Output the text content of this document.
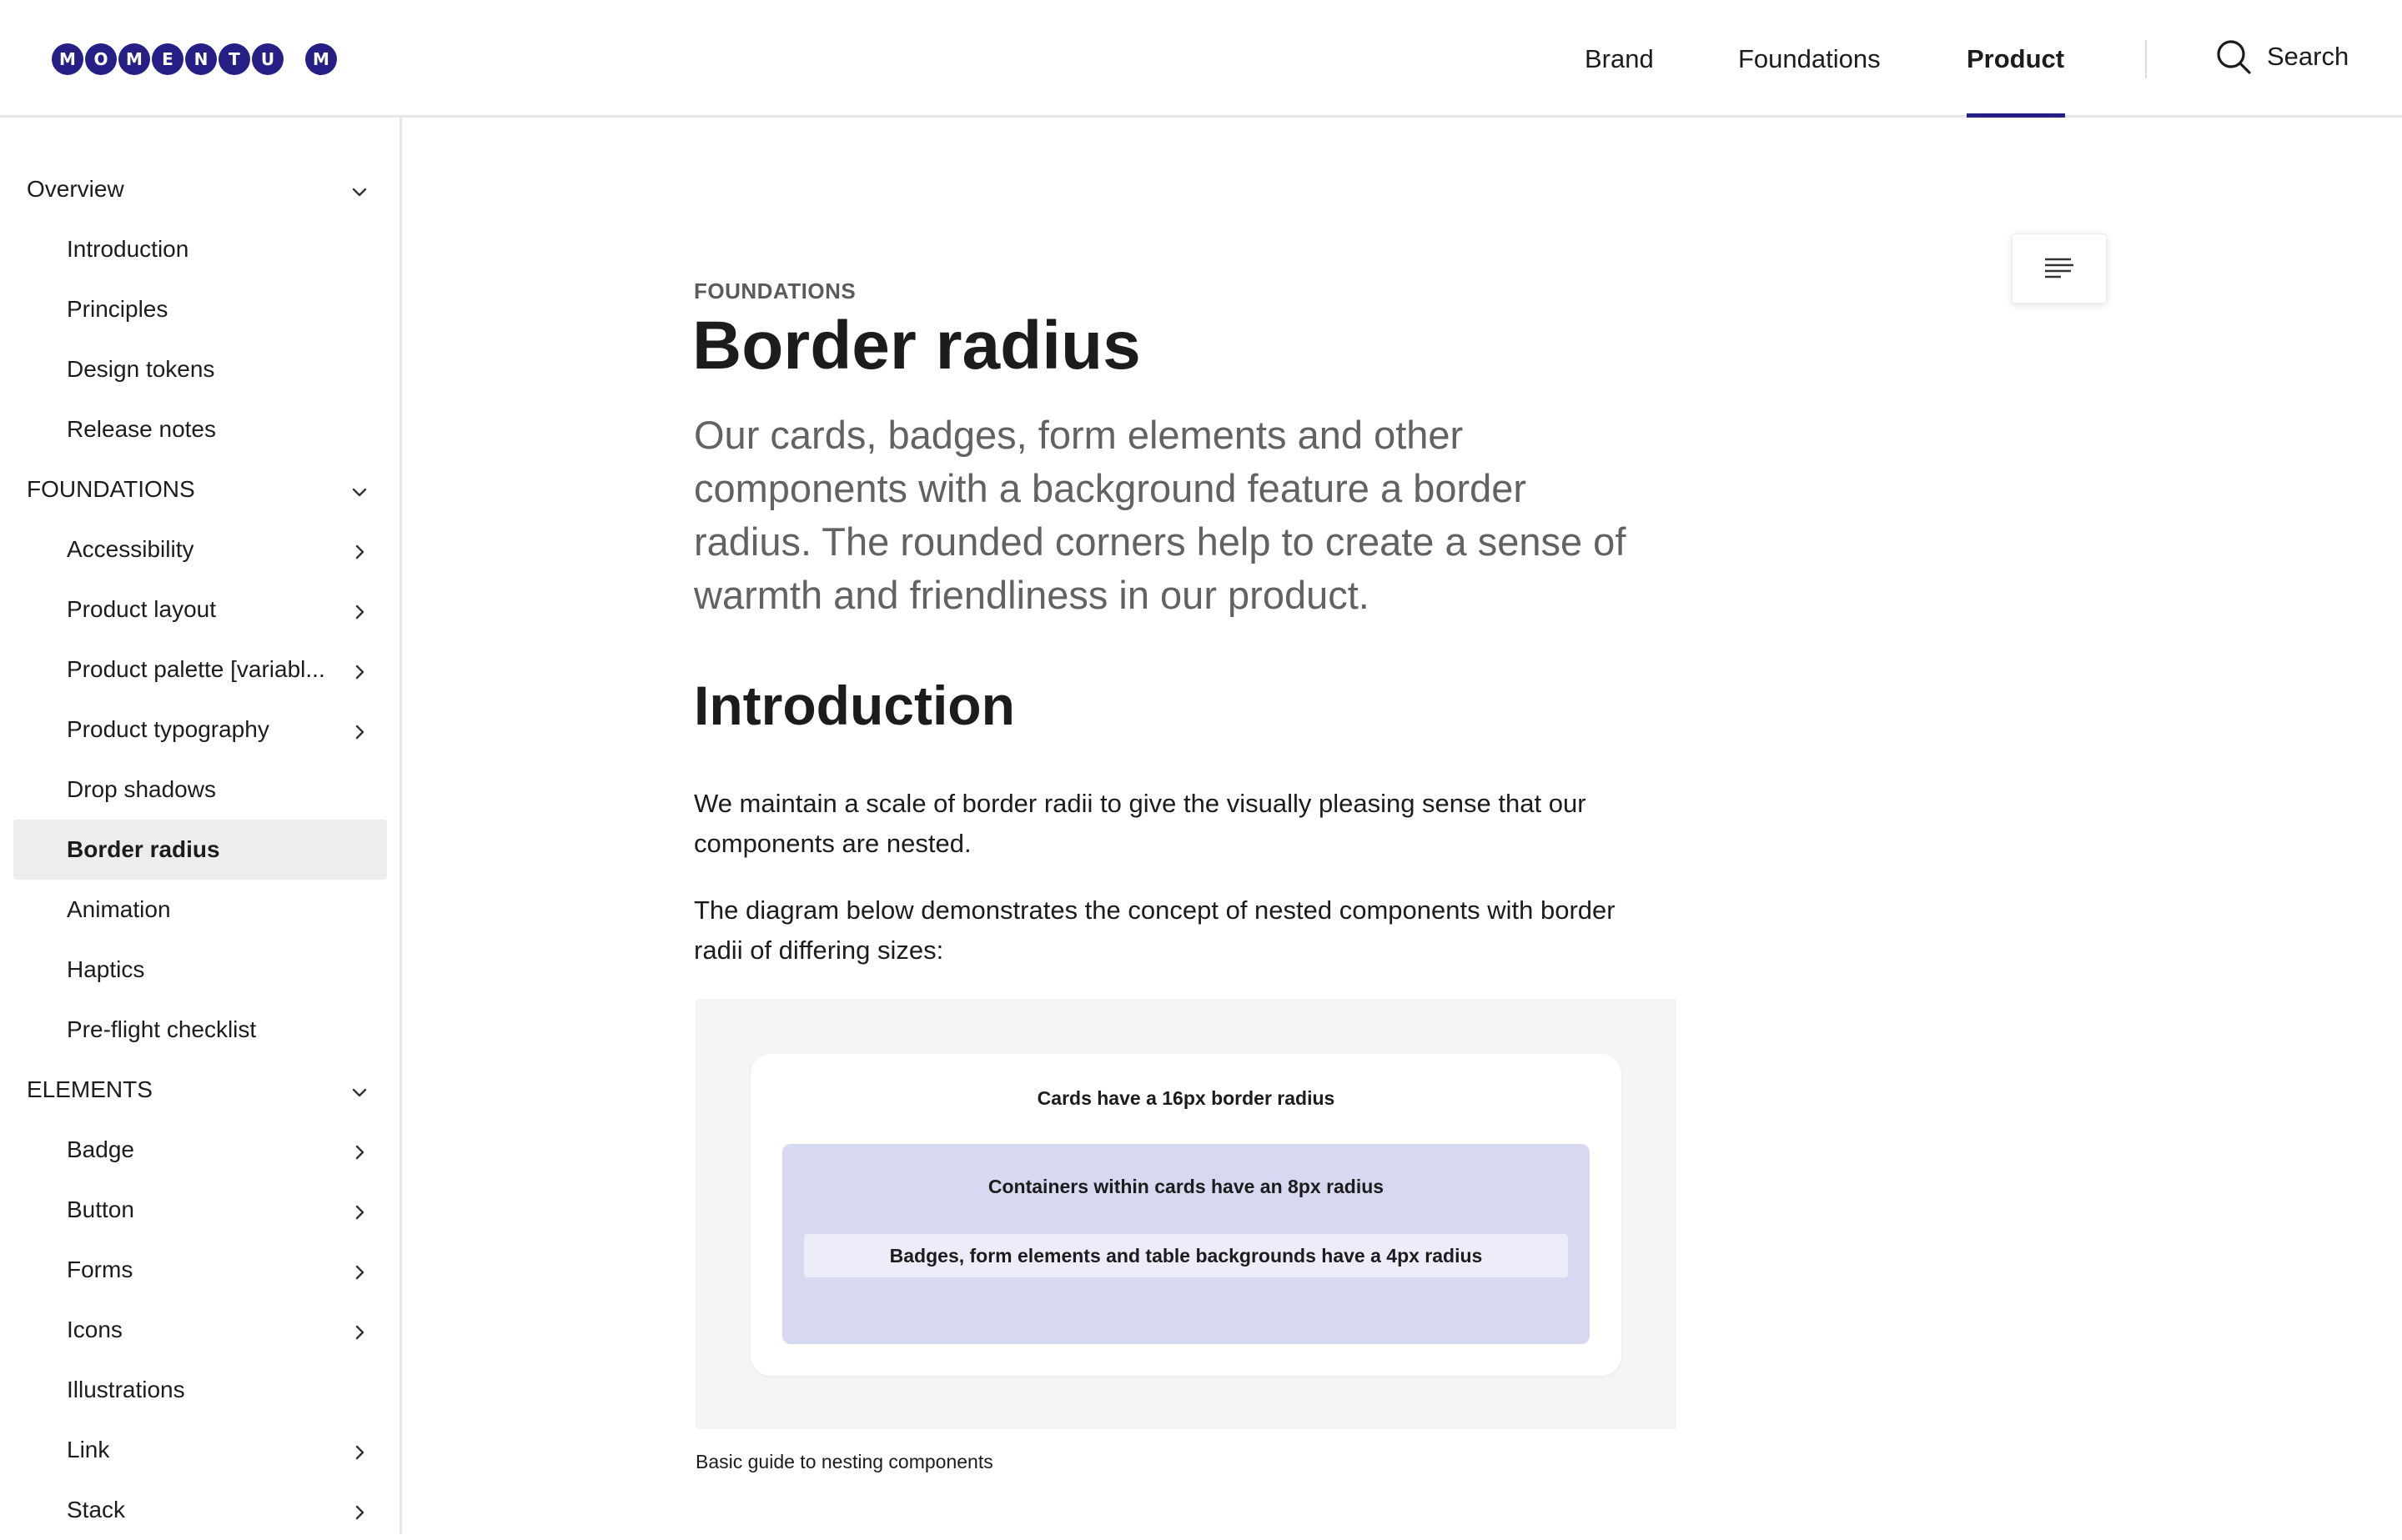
M	O	M	E	N	T	U	M	Brand	Foundations	Product	Search
Overview
Introduction
Principles
Design tokens
Release notes
FOUNDATIONS
Accessibility
Product layout
Product palette [variabl...
Product typography
Drop shadows
Border radius
Animation
Haptics
Pre-flight checklist
ELEMENTS
Badge
Button
Forms
Icons
Illustrations
Link
Stack
FOUNDATIONS
Border radius
Our cards, badges, form elements and other components with a background feature a border radius. The rounded corners help to create a sense of warmth and friendliness in our product.
Introduction
We maintain a scale of border radii to give the visually pleasing sense that our components are nested.
The diagram below demonstrates the concept of nested components with border radii of differing sizes:
Cards have a 16px border radius
Containers within cards have an 8px radius
Badges, form elements and table backgrounds have a 4px radius
Basic guide to nesting components
